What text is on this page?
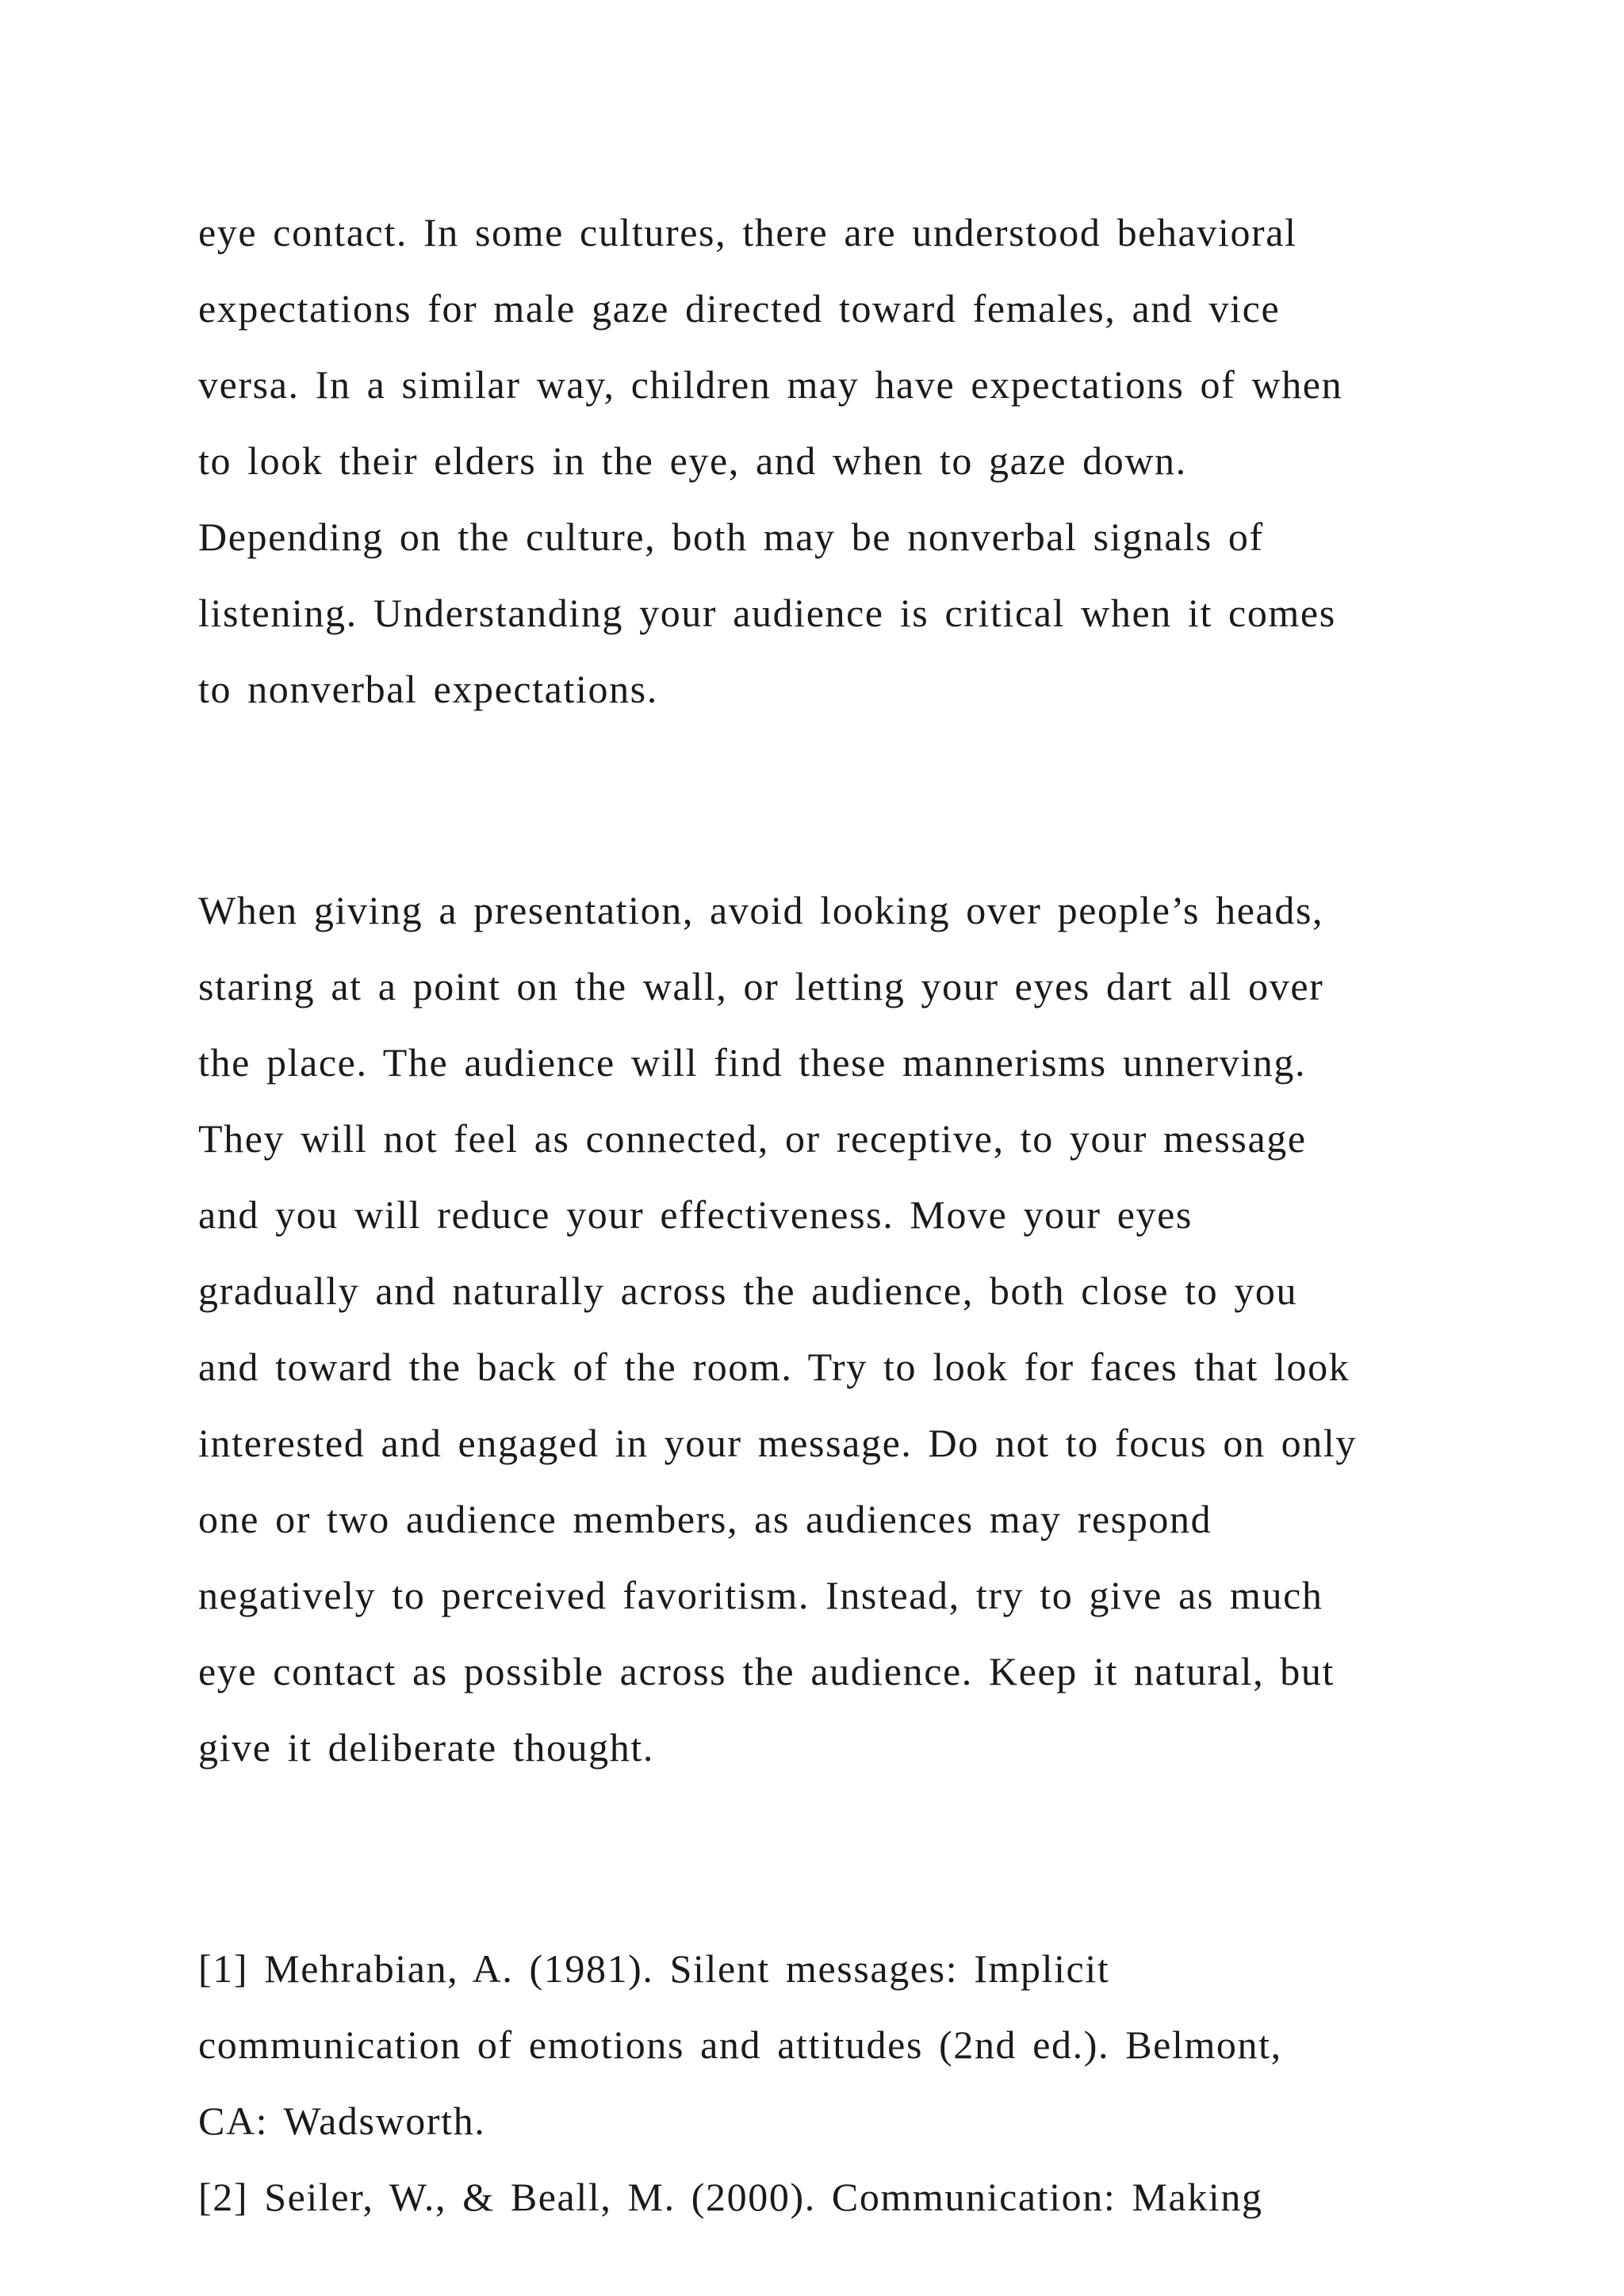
eye contact. In some cultures, there are understood behavioral
expectations for male gaze directed toward females, and vice
versa. In a similar way, children may have expectations of when
to look their elders in the eye, and when to gaze down.
Depending on the culture, both may be nonverbal signals of
listening. Understanding your audience is critical when it comes
to nonverbal expectations.
When giving a presentation, avoid looking over people’s heads,
staring at a point on the wall, or letting your eyes dart all over
the place. The audience will find these mannerisms unnerving.
They will not feel as connected, or receptive, to your message
and you will reduce your effectiveness. Move your eyes
gradually and naturally across the audience, both close to you
and toward the back of the room. Try to look for faces that look
interested and engaged in your message. Do not to focus on only
one or two audience members, as audiences may respond
negatively to perceived favoritism. Instead, try to give as much
eye contact as possible across the audience. Keep it natural, but
give it deliberate thought.
[1] Mehrabian, A. (1981). Silent messages: Implicit
communication of emotions and attitudes (2nd ed.). Belmont,
CA: Wadsworth.
[2] Seiler, W., & Beall, M. (2000). Communication: Making
